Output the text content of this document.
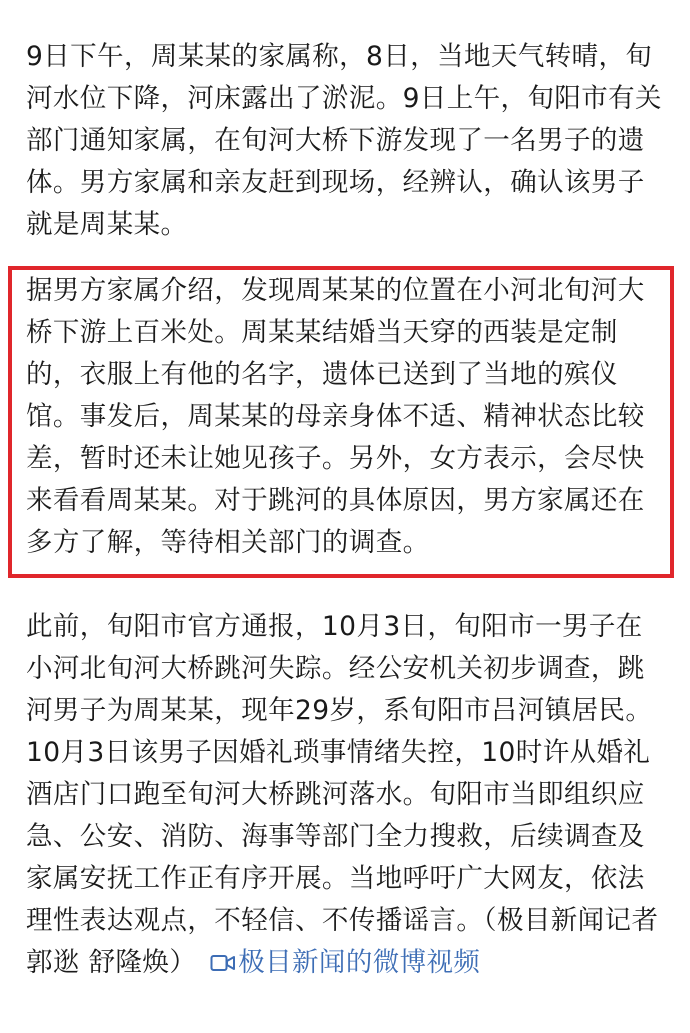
9日下午，周某某的家属称，8日，当地天气转晴，旬河水位下降，河床露出了淤泥。9日上午，旬阳市有关部门通知家属，在旬河大桥下游发现了一名男子的遗体。男方家属和亲友赶到现场，经辨认，确认该男子就是周某某。

据男方家属介绍，发现周某某的位置在小河北旬河大桥下游上百米处。周某某结婚当天穿的西装是定制的，衣服上有他的名字，遗体已送到了当地的殡仪馆。事发后，周某某的母亲身体不适、精神状态比较差，暂时还未让她见孩子。另外，女方表示，会尽快来看看周某某。对于跳河的具体原因，男方家属还在多方了解，等待相关部门的调查。

此前，旬阳市官方通报，10月3日，旬阳市一男子在小河北旬河大桥跳河失踪。经公安机关初步调查，跳河男子为周某某，现年29岁，系旬阳市吕河镇居民。10月3日该男子因婚礼琐事情绪失控，10时许从婚礼酒店门口跑至旬河大桥跳河落水。旬阳市当即组织应急、公安、消防、海事等部门全力搜救，后续调查及家属安抚工作正有序开展。当地呼吁广大网友，依法理性表达观点，不轻信、不传播谣言。（极目新闻记者 郭逖 舒隆焕） 极目新闻的微博视频
